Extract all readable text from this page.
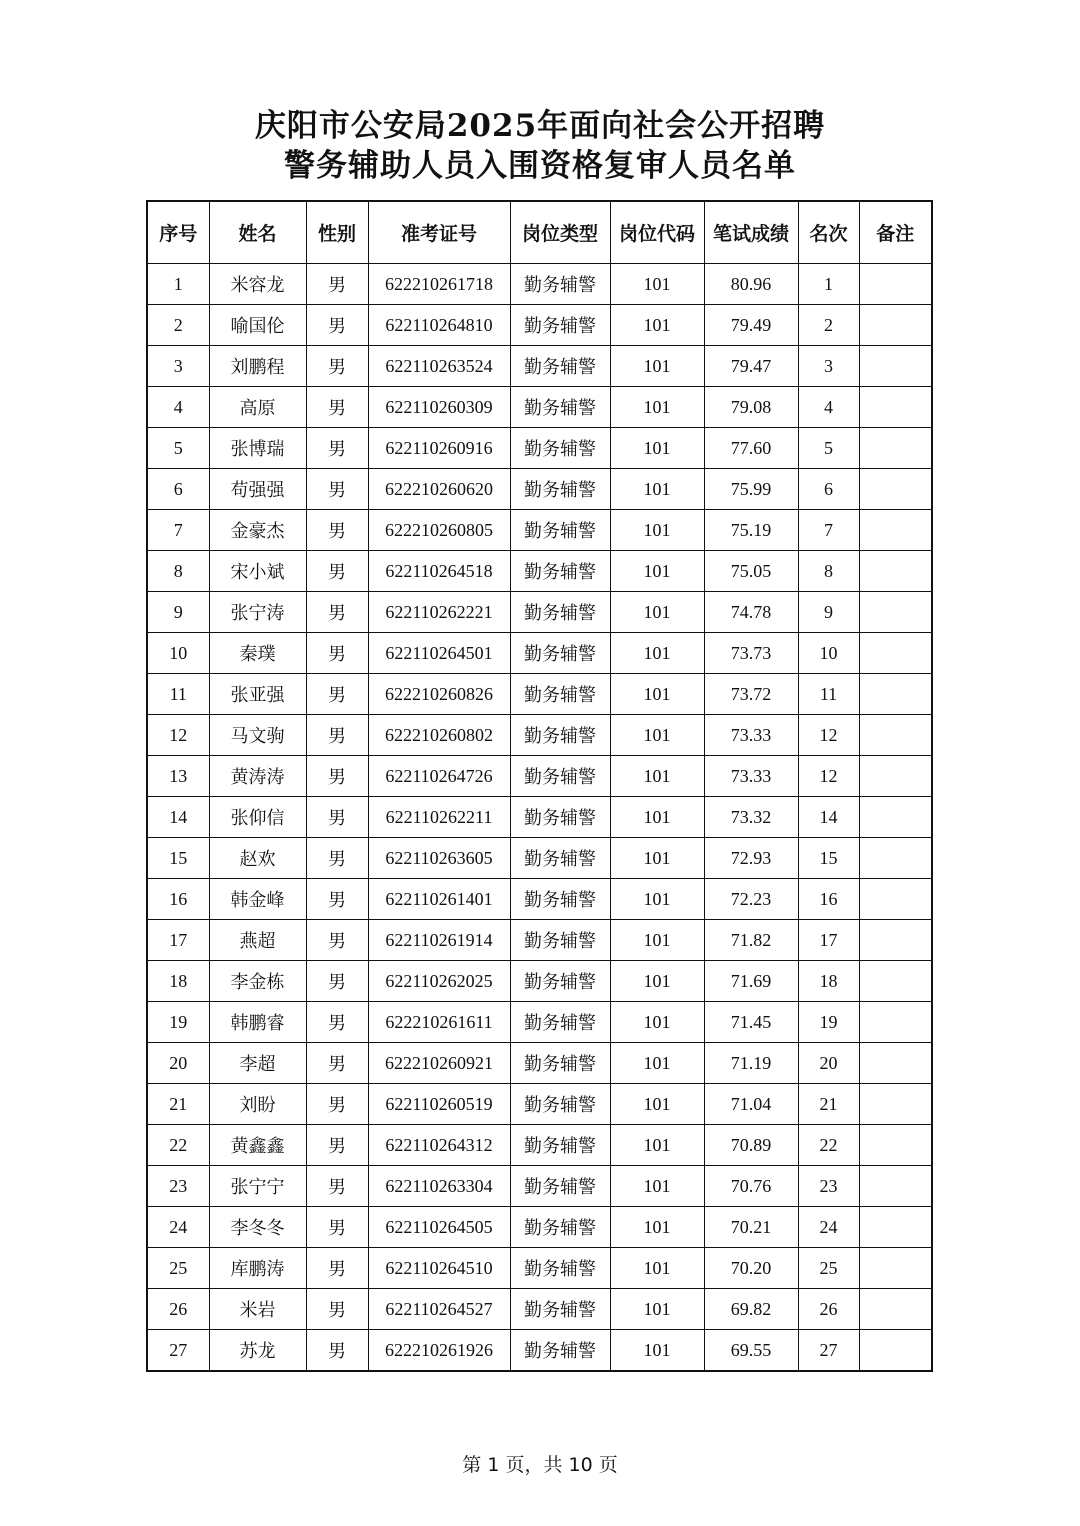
庆阳市公安局2025年面向社会公开招聘
警务辅助人员入围资格复审人员名单
序号	姓名	性别	准考证号	岗位类型	岗位代码	笔试成绩	名次	备注
1	米容龙	男	622210261718	勤务辅警	101	80.96	1	
2	喻国伦	男	622110264810	勤务辅警	101	79.49	2	
3	刘鹏程	男	622110263524	勤务辅警	101	79.47	3	
4	高原	男	622110260309	勤务辅警	101	79.08	4	
5	张博瑞	男	622110260916	勤务辅警	101	77.60	5	
6	苟强强	男	622210260620	勤务辅警	101	75.99	6	
7	金豪杰	男	622210260805	勤务辅警	101	75.19	7	
8	宋小斌	男	622110264518	勤务辅警	101	75.05	8	
9	张宁涛	男	622110262221	勤务辅警	101	74.78	9	
10	秦璞	男	622110264501	勤务辅警	101	73.73	10	
11	张亚强	男	622210260826	勤务辅警	101	73.72	11	
12	马文驹	男	622210260802	勤务辅警	101	73.33	12	
13	黄涛涛	男	622110264726	勤务辅警	101	73.33	12	
14	张仰信	男	622110262211	勤务辅警	101	73.32	14	
15	赵欢	男	622110263605	勤务辅警	101	72.93	15	
16	韩金峰	男	622110261401	勤务辅警	101	72.23	16	
17	燕超	男	622110261914	勤务辅警	101	71.82	17	
18	李金栋	男	622110262025	勤务辅警	101	71.69	18	
19	韩鹏睿	男	622210261611	勤务辅警	101	71.45	19	
20	李超	男	622210260921	勤务辅警	101	71.19	20	
21	刘盼	男	622110260519	勤务辅警	101	71.04	21	
22	黄鑫鑫	男	622110264312	勤务辅警	101	70.89	22	
23	张宁宁	男	622110263304	勤务辅警	101	70.76	23	
24	李冬冬	男	622110264505	勤务辅警	101	70.21	24	
25	库鹏涛	男	622110264510	勤务辅警	101	70.20	25	
26	米岩	男	622110264527	勤务辅警	101	69.82	26	
27	苏龙	男	622210261926	勤务辅警	101	69.55	27	
第 1 页，共 10 页
